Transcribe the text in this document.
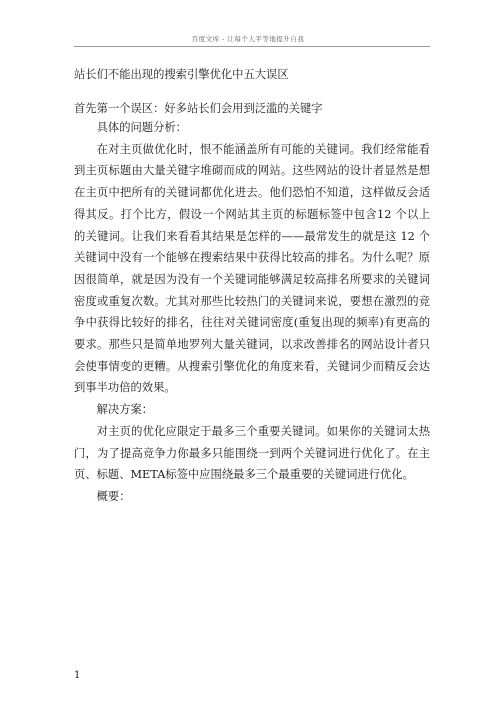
百度文库 - 让每个人平等地提升自我

站长们不能出现的搜索引擎优化中五大误区

首先第一个误区：好多站长们会用到泛滥的关键字

具体的问题分析：

在对主页做优化时，恨不能涵盖所有可能的关键词。我们经常能看到主页标题由大量关键字堆砌而成的网站。这些网站的设计者显然是想在主页中把所有的关键词都优化进去。他们恐怕不知道，这样做反会适得其反。打个比方，假设一个网站其主页的标题标签中包含12 个以上的关键词。让我们来看看其结果是怎样的——最常发生的就是这 12 个关键词中没有一个能够在搜索结果中获得比较高的排名。为什么呢？原因很简单，就是因为没有一个关键词能够满足较高排名所要求的关键词密度或重复次数。尤其对那些比较热门的关键词来说，要想在激烈的竞争中获得比较好的排名，往往对关键词密度(重复出现的频率)有更高的要求。那些只是简单地罗列大量关键词，以求改善排名的网站设计者只会使事情变的更糟。从搜索引擎优化的角度来看，关键词少而精反会达到事半功倍的效果。

解决方案：

对主页的优化应限定于最多三个重要关键词。如果你的关键词太热门，为了提高竞争力你最多只能围绕一到两个关键词进行优化了。在主页、标题、META标签中应围绕最多三个最重要的关键词进行优化。

概要：

1
